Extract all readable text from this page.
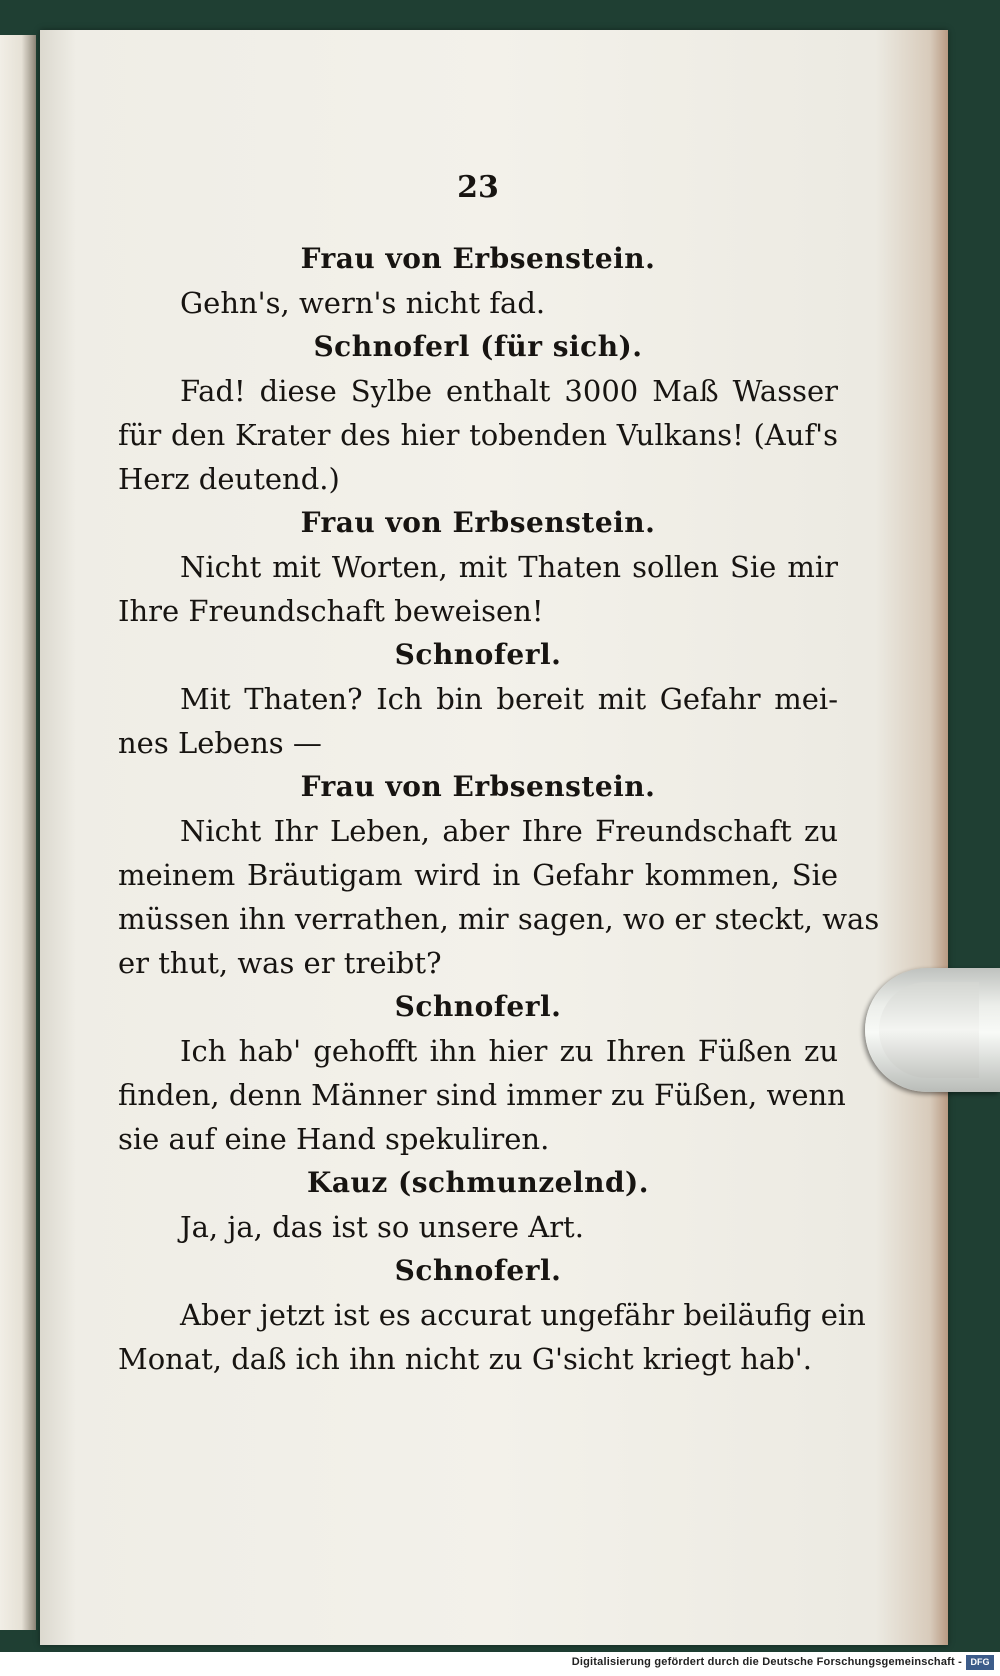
23
Frau von Erbsenstein.
Gehn's, wern's nicht fad.
Schnoferl (für sich).
Fad! diese Sylbe enthalt 3000 Maß Wasser
für den Krater des hier tobenden Vulkans! (Auf's
Herz deutend.)
Frau von Erbsenstein.
Nicht mit Worten, mit Thaten sollen Sie mir
Ihre Freundschaft beweisen!
Schnoferl.
Mit Thaten? Ich bin bereit mit Gefahr mei-
nes Lebens —
Frau von Erbsenstein.
Nicht Ihr Leben, aber Ihre Freundschaft zu
meinem Bräutigam wird in Gefahr kommen, Sie
müssen ihn verrathen, mir sagen, wo er steckt, was
er thut, was er treibt?
Schnoferl.
Ich hab' gehofft ihn hier zu Ihren Füßen zu
finden, denn Männer sind immer zu Füßen, wenn
sie auf eine Hand spekuliren.
Kauz (schmunzelnd).
Ja, ja, das ist so unsere Art.
Schnoferl.
Aber jetzt ist es accurat ungefähr beiläufig ein
Monat, daß ich ihn nicht zu G'sicht kriegt hab'.
Digitalisierung gefördert durch die Deutsche Forschungsgemeinschaft - DFG
